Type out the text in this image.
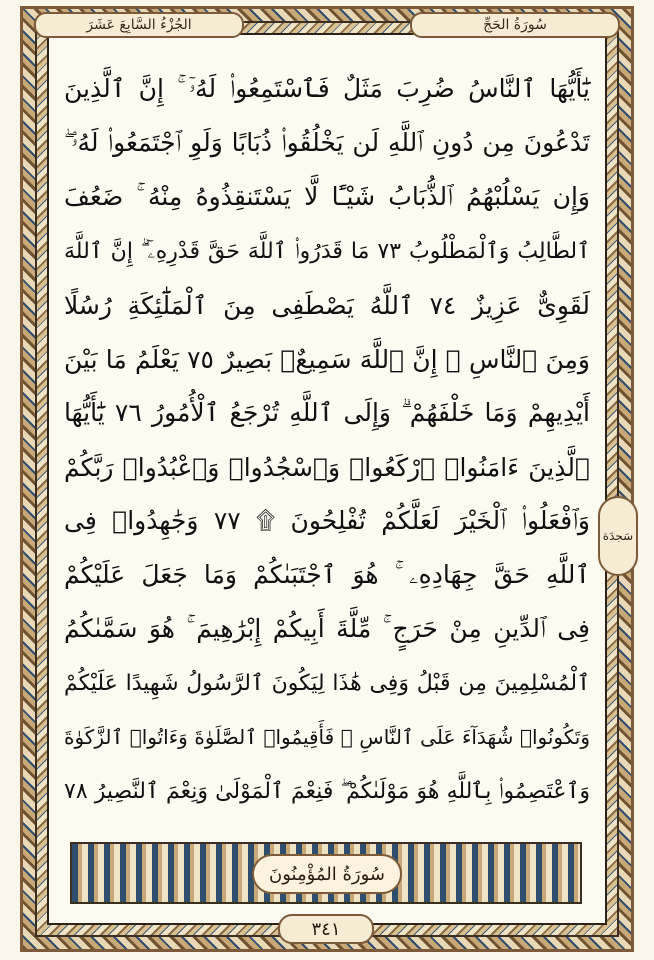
الجُزْءُ السَّابِعَ عَشَرَ	سُورَةُ الحَجِّ
يَٰٓأَيُّهَا ٱلنَّاسُ ضُرِبَ مَثَلٌ فَٱسْتَمِعُوا۟ لَهُۥٓ ۚ إِنَّ ٱلَّذِينَ
تَدْعُونَ مِن دُونِ ٱللَّهِ لَن يَخْلُقُوا۟ ذُبَابًا وَلَوِ ٱجْتَمَعُوا۟ لَهُۥ ۖ
وَإِن يَسْلُبْهُمُ ٱلذُّبَابُ شَيْـًٔا لَّا يَسْتَنقِذُوهُ مِنْهُ ۚ ضَعُفَ
ٱلطَّالِبُ وَٱلْمَطْلُوبُ ٧٣ مَا قَدَرُوا۟ ٱللَّهَ حَقَّ قَدْرِهِۦٓ ۗ إِنَّ ٱللَّهَ
لَقَوِىٌّ عَزِيزٌ ٧٤ ٱللَّهُ يَصْطَفِى مِنَ ٱلْمَلَٰٓئِكَةِ رُسُلًا
وَمِنَ ٱلنَّاسِ ۚ إِنَّ ٱللَّهَ سَمِيعٌۢ بَصِيرٌ ٧٥ يَعْلَمُ مَا بَيْنَ
أَيْدِيهِمْ وَمَا خَلْفَهُمْ ۗ وَإِلَى ٱللَّهِ تُرْجَعُ ٱلْأُمُورُ ٧٦ يَٰٓأَيُّهَا
ٱلَّذِينَ ءَامَنُوا۟ ٱرْكَعُوا۟ وَٱسْجُدُوا۟ وَٱعْبُدُوا۟ رَبَّكُمْ
وَٱفْعَلُوا۟ ٱلْخَيْرَ لَعَلَّكُمْ تُفْلِحُونَ ۩ ٧٧ وَجَٰهِدُوا۟ فِى
ٱللَّهِ حَقَّ جِهَادِهِۦ ۚ هُوَ ٱجْتَبَىٰكُمْ وَمَا جَعَلَ عَلَيْكُمْ
فِى ٱلدِّينِ مِنْ حَرَجٍ ۚ مِّلَّةَ أَبِيكُمْ إِبْرَٰهِيمَ ۚ هُوَ سَمَّىٰكُمُ
ٱلْمُسْلِمِينَ مِن قَبْلُ وَفِى هَٰذَا لِيَكُونَ ٱلرَّسُولُ شَهِيدًا عَلَيْكُمْ
وَتَكُونُوا۟ شُهَدَآءَ عَلَى ٱلنَّاسِ ۚ فَأَقِيمُوا۟ ٱلصَّلَوٰةَ وَءَاتُوا۟ ٱلزَّكَوٰةَ
وَٱعْتَصِمُوا۟ بِٱللَّهِ هُوَ مَوْلَىٰكُمْ ۖ فَنِعْمَ ٱلْمَوْلَىٰ وَنِعْمَ ٱلنَّصِيرُ ٧٨
سَجدَة
سُورَةُ المُؤْمِنُونَ
٣٤١
